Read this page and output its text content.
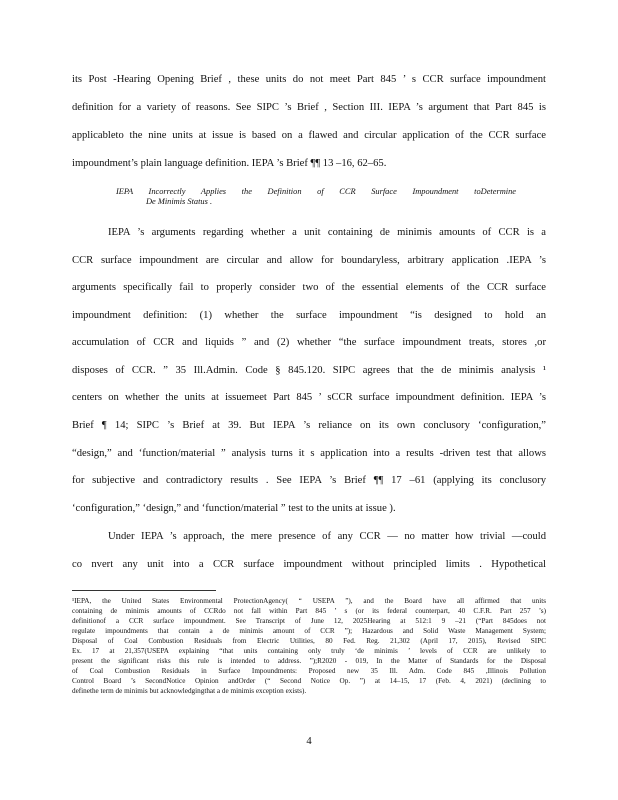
its Post -Hearing Opening Brief , these units do not meet Part 845 ’ s CCR surface impoundment
definition for a variety of reasons. See SIPC ’s Brief , Section III. IEPA ’s argument that Part 845 is
applicableto the nine units at issue is based on a flawed and circular application of the CCR surface
impoundment’s plain language definition. IEPA ’s Brief ¶¶ 13 –16, 62–65.
IEPA Incorrectly Applies the Definition of CCR Surface Impoundment toDetermine
De Minimis Status .
IEPA ’s arguments regarding whether a unit containing de minimis amounts of CCR is a
CCR surface impoundment are circular and allow for boundaryless, arbitrary application .IEPA ’s
arguments specifically fail to properly consider two of the essential elements of the CCR surface
impoundment definition: (1) whether the surface impoundment “is designed to hold an
accumulation of CCR and liquids ” and (2) whether “the surface impoundment treats, stores ,or
disposes of CCR. ” 35 Ill.Admin. Code § 845.120. SIPC agrees that the de minimis analysis ¹
centers on whether the units at issuemeet Part 845 ’ sCCR surface impoundment definition. IEPA ’s
Brief ¶ 14; SIPC ’s Brief at 39. But IEPA ’s reliance on its own conclusory ‘configuration,”
“design,” and ‘function/material ” analysis turns it s application into a results -driven test that allows
for subjective and contradictory results . See IEPA ’s Brief ¶¶ 17 –61 (applying its conclusory
‘configuration,” ‘design,” and ‘function/material ” test to the units at issue ).
Under IEPA ’s approach, the mere presence of any CCR — no matter how trivial —could
co nvert any unit into a CCR surface impoundment without principled limits . Hypothetical
¹IEPA, the United States Environmental ProtectionAgency( “ USEPA ”), and the Board have all affirmed that units
containing de minimis amounts of CCRdo not fall within Part 845 ’ s (or its federal counterpart, 40 C.F.R. Part 257 ’s)
definitionof a CCR surface impoundment. See Transcript of June 12, 2025Hearing at 512:1 9 –21 (“Part 845does not
regulate impoundments that contain a de minimis amount of CCR ”); Hazardous and Solid Waste Management System;
Disposal of Coal Combustion Residuals from Electric Utilities, 80 Fed. Reg. 21,302 (April 17, 2015), Revised SIPC
Ex. 17 at 21,357(USEPA explaining “that units containing only truly ‘de minimis ’ levels of CCR are unlikely to
present the significant risks this rule is intended to address. ”);R2020 - 019, In the Matter of Standards for the Disposal
of Coal Combustion Residuals in Surface Impoundments: Proposed new 35 Ill. Adm. Code 845 ,Illinois Pollution
Control Board ’s SecondNotice Opinion andOrder (“ Second Notice Op. ”) at 14–15, 17 (Feb. 4, 2021) (declining to
definethe term de minimis but acknowledgingthat a de minimis exception exists).
4
